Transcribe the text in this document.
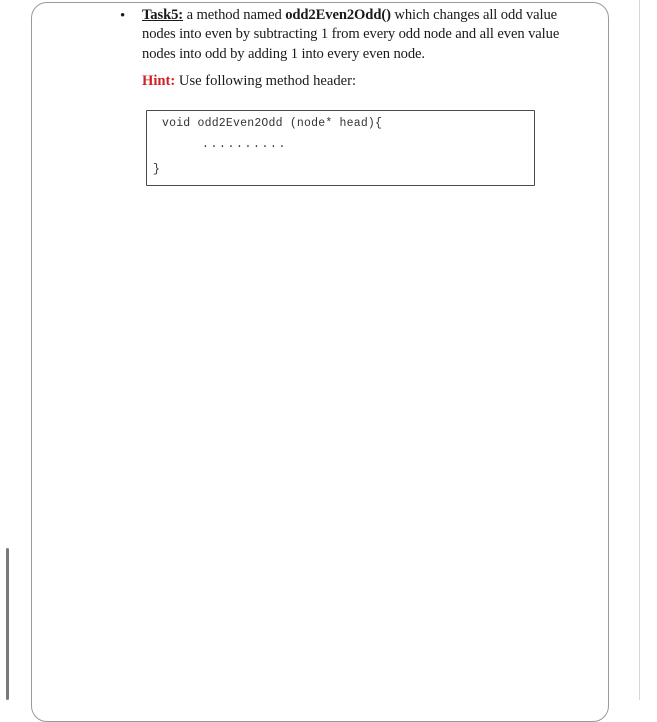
• Task5: a method named odd2Even2Odd() which changes all odd value nodes into even by subtracting 1 from every odd node and all even value nodes into odd by adding 1 into every even node.
Hint: Use following method header:
void odd2Even2Odd (node* head){
..........
}
